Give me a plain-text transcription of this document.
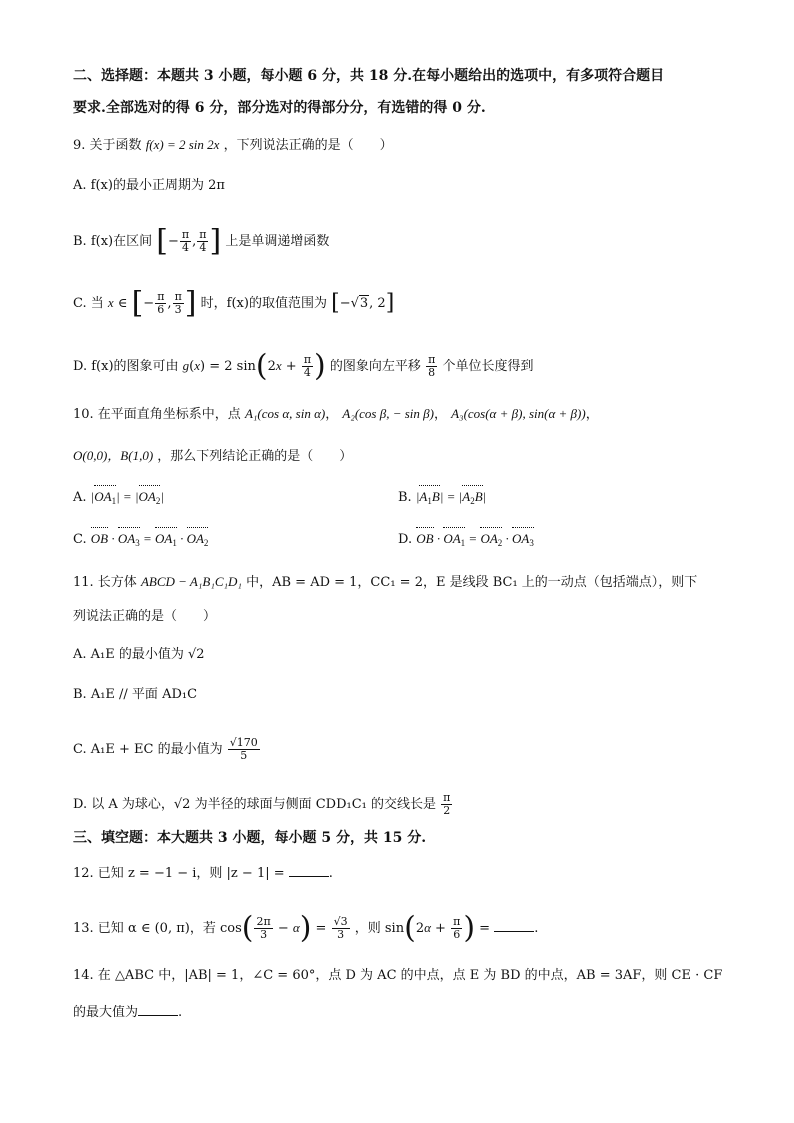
二、选择题：本题共 3 小题，每小题 6 分，共 18 分.在每小题给出的选项中，有多项符合题目
要求.全部选对的得 6 分，部分选对的得部分分，有选错的得 0 分.
9. 关于函数 f(x) = 2 sin 2x ，下列说法正确的是（　　）
A. f(x)的最小正周期为 2π
B. f(x)在区间 [− $\frac{\pi}{4}$ , $\frac{\pi}{4}$ ] 上是单调递增函数
C. 当 x ∈ [− $\frac{\pi}{6}$ , $\frac{\pi}{3}$ ] 时，f(x)的取值范围为 [−√3, 2]
D. f(x)的图象可由 g(x) = 2 $\sin(2x + \frac{\pi}{4}$ ) 的图象向左平移 $\frac{\pi}{8}$ 个单位长度得到
10. 在平面直角坐标系中，点 A₁(cos α, sin α)， A₂(cos β, − sin β)， A₃(cos(α + β), sin(α + β))，
O(0,0)，B(1,0) ，那么下列结论正确的是（　　）
A. $|OA_1| = |OA_2|$	B. $|A_1B| = |A_2B|$
C. OB · $OA_3 = OA_1 \cdot OA_2$	D. OB · $OA_1 = OA_2 \cdot OA_3$
11. 长方体 ABCD − A₁B₁C₁D₁ 中，AB = AD = 1，CC₁ = 2，E 是线段 BC₁ 上的一动点（包括端点），则下
列说法正确的是（　　）
A. A₁E 的最小值为 √2
B. A₁E // 平面 AD₁C
C. A₁E + EC 的最小值为 $\frac{√170}{5}$
D. 以 A 为球心，√2 为半径的球面与侧面 CDD₁C₁ 的交线长是 $\frac{\pi}{2}$
三、填空题：本大题共 3 小题，每小题 5 分，共 15 分.
12. 已知 z = −1 − i，则 |z − 1| =	.
13. 已知 α ∈ (0, π)，若 $\cos( \frac{2\pi}{3} - \alpha) = \frac{√3}{3}$ ，则 $\sin(2\alpha + \frac{\pi}{6}$ ) =	.
14. 在 △ABC 中，|AB| = 1，∠C = 60°，点 D 为 AC 的中点，点 E 为 BD 的中点，AB = 3AF，则 CE · CF
的最大值为	.
